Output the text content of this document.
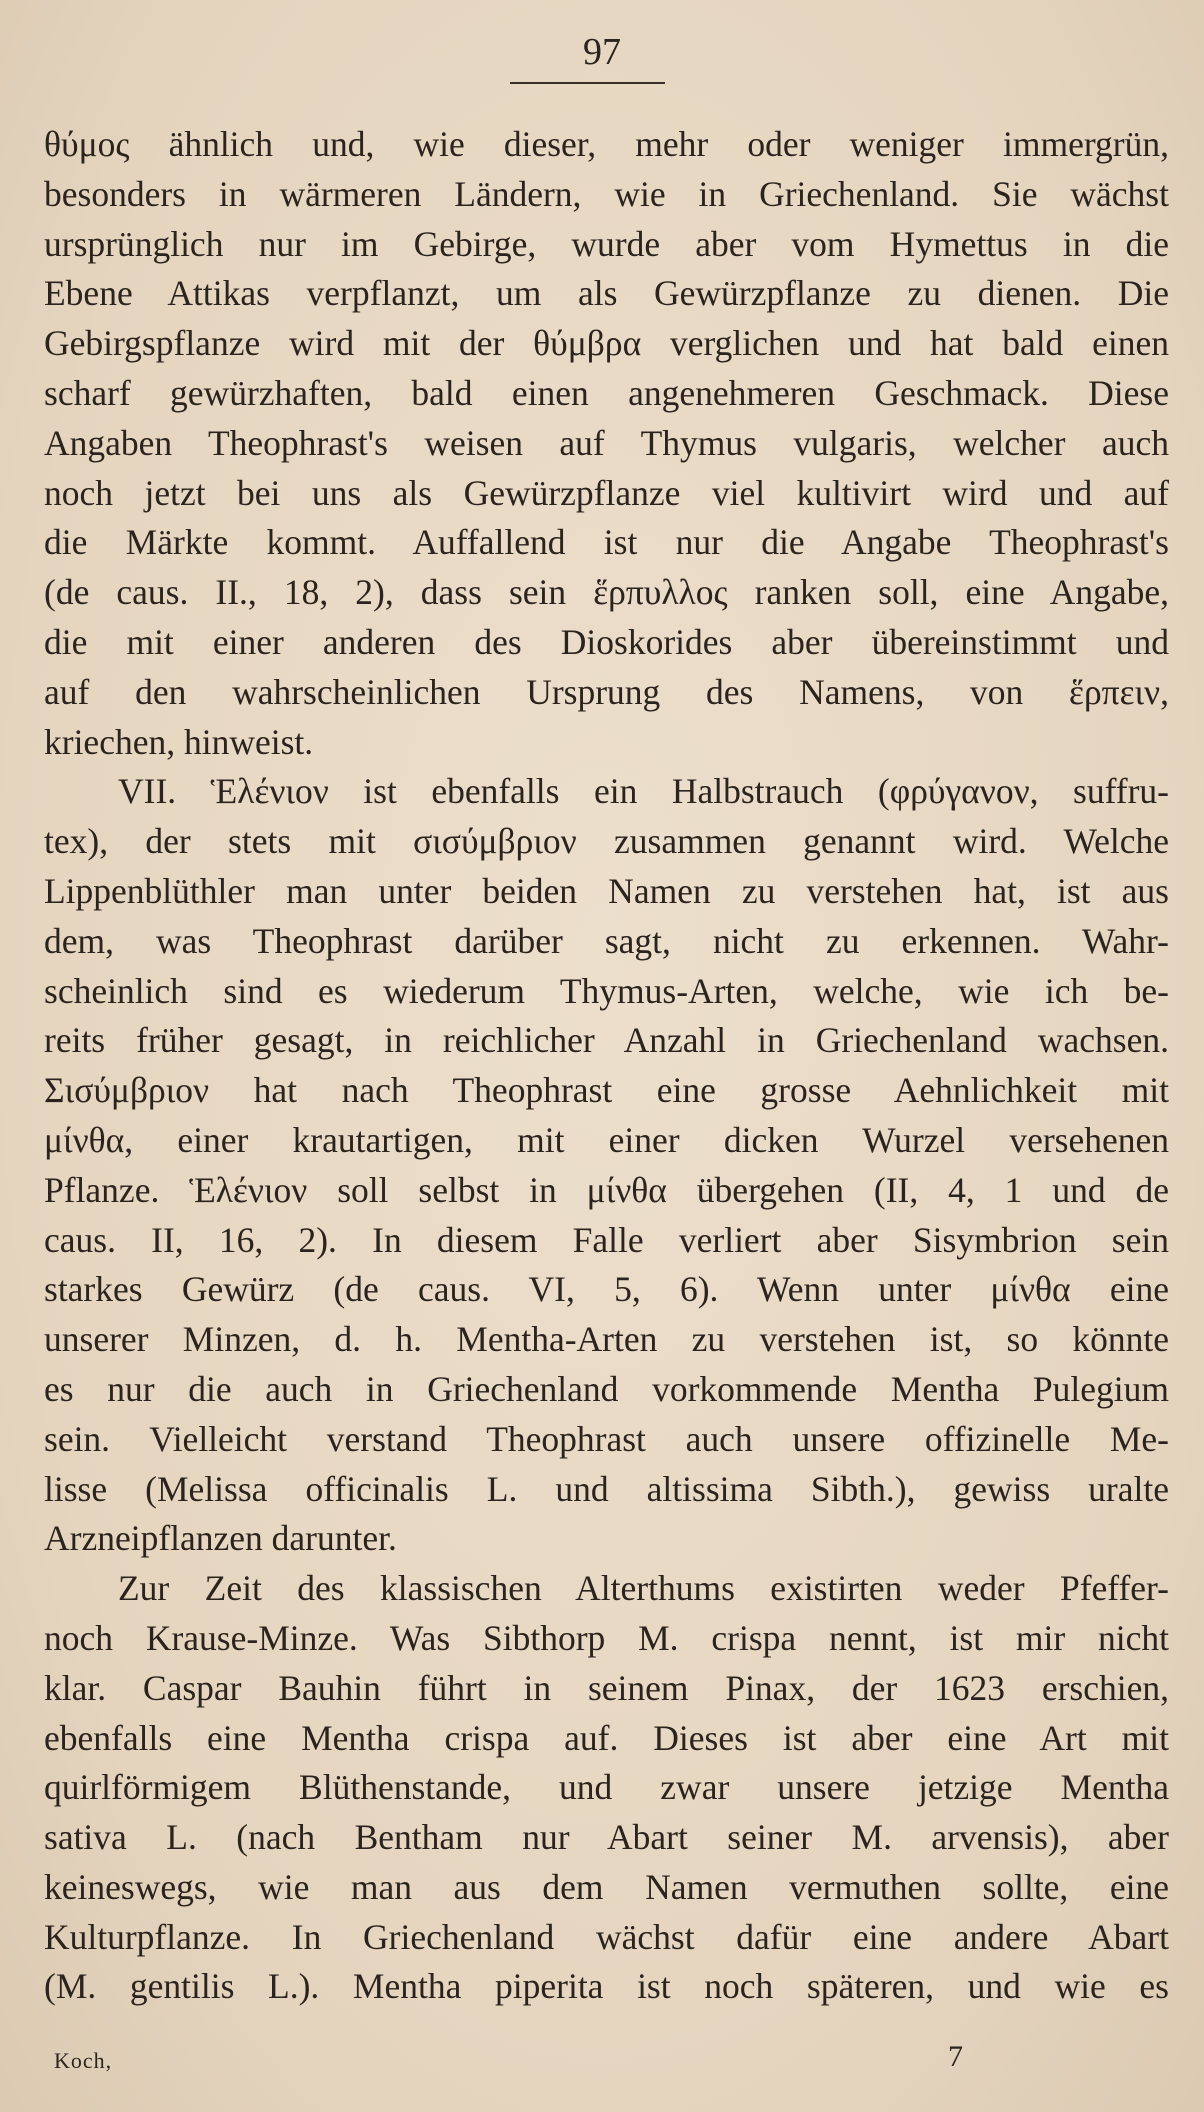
97
θύμος ähnlich und, wie dieser, mehr oder weniger immergrün,
besonders in wärmeren Ländern, wie in Griechenland. Sie wächst
ursprünglich nur im Gebirge, wurde aber vom Hymettus in die
Ebene Attikas verpflanzt, um als Gewürzpflanze zu dienen. Die
Gebirgspflanze wird mit der θύμβρα verglichen und hat bald einen
scharf gewürzhaften, bald einen angenehmeren Geschmack. Diese
Angaben Theophrast's weisen auf Thymus vulgaris, welcher auch
noch jetzt bei uns als Gewürzpflanze viel kultivirt wird und auf
die Märkte kommt. Auffallend ist nur die Angabe Theophrast's
(de caus. II., 18, 2), dass sein ἕρπυλλος ranken soll, eine Angabe,
die mit einer anderen des Dioskorides aber übereinstimmt und
auf den wahrscheinlichen Ursprung des Namens, von ἕρπειν,
kriechen, hinweist.
VII. Ἑλένιον ist ebenfalls ein Halbstrauch (φρύγανον, suffru-
tex), der stets mit σισύμβριον zusammen genannt wird. Welche
Lippenblüthler man unter beiden Namen zu verstehen hat, ist aus
dem, was Theophrast darüber sagt, nicht zu erkennen. Wahr-
scheinlich sind es wiederum Thymus-Arten, welche, wie ich be-
reits früher gesagt, in reichlicher Anzahl in Griechenland wachsen.
Σισύμβριον hat nach Theophrast eine grosse Aehnlichkeit mit
μίνθα, einer krautartigen, mit einer dicken Wurzel versehenen
Pflanze. Ἑλένιον soll selbst in μίνθα übergehen (II, 4, 1 und de
caus. II, 16, 2). In diesem Falle verliert aber Sisymbrion sein
starkes Gewürz (de caus. VI, 5, 6). Wenn unter μίνθα eine
unserer Minzen, d. h. Mentha-Arten zu verstehen ist, so könnte
es nur die auch in Griechenland vorkommende Mentha Pulegium
sein. Vielleicht verstand Theophrast auch unsere offizinelle Me-
lisse (Melissa officinalis L. und altissima Sibth.), gewiss uralte
Arzneipflanzen darunter.
Zur Zeit des klassischen Alterthums existirten weder Pfeffer-
noch Krause-Minze. Was Sibthorp M. crispa nennt, ist mir nicht
klar. Caspar Bauhin führt in seinem Pinax, der 1623 erschien,
ebenfalls eine Mentha crispa auf. Dieses ist aber eine Art mit
quirlförmigem Blüthenstande, und zwar unsere jetzige Mentha
sativa L. (nach Bentham nur Abart seiner M. arvensis), aber
keineswegs, wie man aus dem Namen vermuthen sollte, eine
Kulturpflanze. In Griechenland wächst dafür eine andere Abart
(M. gentilis L.). Mentha piperita ist noch späteren, und wie es
Koch,	7
